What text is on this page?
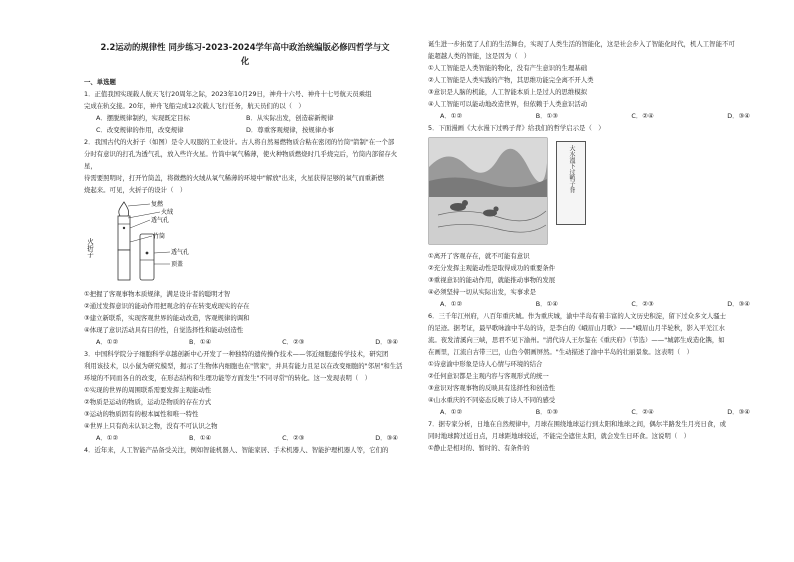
2.2运动的规律性 同步练习-2023-2024学年高中政治统编版必修四哲学与文
化

一、单选题

1．正值我国实现载人航天飞行20周年之际，2023年10月29日，神舟十六号、神舟十七号航天员乘组

完成在轨交接。20年，神舟飞船完成12次载人飞行任务，航天员们的以（　）

A．摆脱规律制约，实现既定目标	B．从实际出发，创造崭新规律

C．改变规律的作用，改变规律	D．尊重客观规律，按规律办事

2．我国古代的火折子（如图）是令人叹服的工业设计。古人将自然易燃物质合粘在密闭的竹筒"箭制"在一个部

分时有意识的打孔为透气孔，放入些许火星。竹筒中氧气稀薄，使火种物质燃烧时几乎烧完后，竹筒内部留存火星，

待需要照明时，打开竹筒盖，将微燃的火绒从氧气稀薄的环境中"解放"出来，火星获得足够的氧气而重新燃

烧起来。可见，火折子的设计（　）

复燃
火绒
透气孔
竹筒
透气孔
顶盖
火折子

①把握了客观事物本质规律，满足设计者的聪明才智

②通过发挥意识的能动作用把观念的存在转变成现实的存在

③建立新联系，实现客观世界的能动改造，客观规律的调和

④体现了意识活动具有目的性，自觉选择性和能动创造性

A．①②	B．①④	C．②③	D．③④

3．中国科学院分子细胞科学卓越创新中心开发了一种独特的遗传操作技术——邻近细胞遗传学技术，研究团

利用该技术，以小鼠为研究模型，揭示了生物体内细胞也在"管家"，并具有能力且足以在改变细胞的"邻居"和生活

环境的不同而各自的改变，在形态结构和生理功能等方面发生"不同寻常"的转化。这一发现表明（　）

①实现的世界的周围联系需要发挥主观能动性

②物质是运动的物质，运动是物质的存在方式

③运动的物质固有的根本属性和唯一特性

④世界上只有尚未认识之物，没有不可认识之物

A．①②	B．①④	C．②③	D．③④

4．近年来，人工智能产品备受关注，例如智能机器人、智能家居、手术机器人、智能护理机器人等，它们的

诞生进一步拓宽了人们的生活舞台，实现了人类生活的智能化，这是社会步入了智能化时代，机人工智能不可

能超越人类的智能，这是因为（　）

①人工智能是人类智能的物化，没有产生意识的生理基础

②人工智能是人类实践的产物，其思维功能完全离不开人类

③意识是人脑的机能，人工智能本质上是过人的思维模拟

④人工智能可以能动地改造世界，但依赖于人类意识活动

A．①②	B．①③	C．②④	D．③④

5．下面漫画《大水漫下过鸭子背》给我们的哲学启示是（　）

大水漫下过鸭子背

①离开了客观存在，就不可能有意识

②充分发挥主观能动性是取得成功的重要条件

③重视意识的能动作用，就能推动事物的发展

④必须坚持一切从实际出发，实事求是

A．①②	B．①④	C．②③	D．③④

6．三千年江州府，八百年重庆城。作为重庆城，渝中半岛有着丰富的人文历史积淀，留下过众多文人骚士

的足迹。据考证，最早歌咏渝中半岛的诗，是李白的《峨眉山月歌》——"峨眉山月半轮秋，影入平羌江水

流。夜发清溪向三峡，思君不见下渝州。"清代诗人王尔鉴在《重庆府》（节选）——"城郭生成造化镌，如

在画里，江流自古带三巴，山色今朝画屏然。"生动描述了渝中半岛的壮丽景象。这表明（　）

①诗意渝中形象是诗人心情与环境的结合

②任何意识都是主观内容与客观形式的统一

③意识对客观事物的反映具有选择性和创造性

④山水重庆的不同姿态反映了诗人不同的感受

A．①②	B．①③	C．②④	D．③④

7．据专家分析，日地在自然规律中，月球在围绕地球运行到太阳和地球之间，偶尔半路发生月亮日食，或

同时地球跨过近日点，月球距地球较近，不能完全遮住太阳，就会发生日环食。这说明（　）

①静止是相对的、暂时的、有条件的
